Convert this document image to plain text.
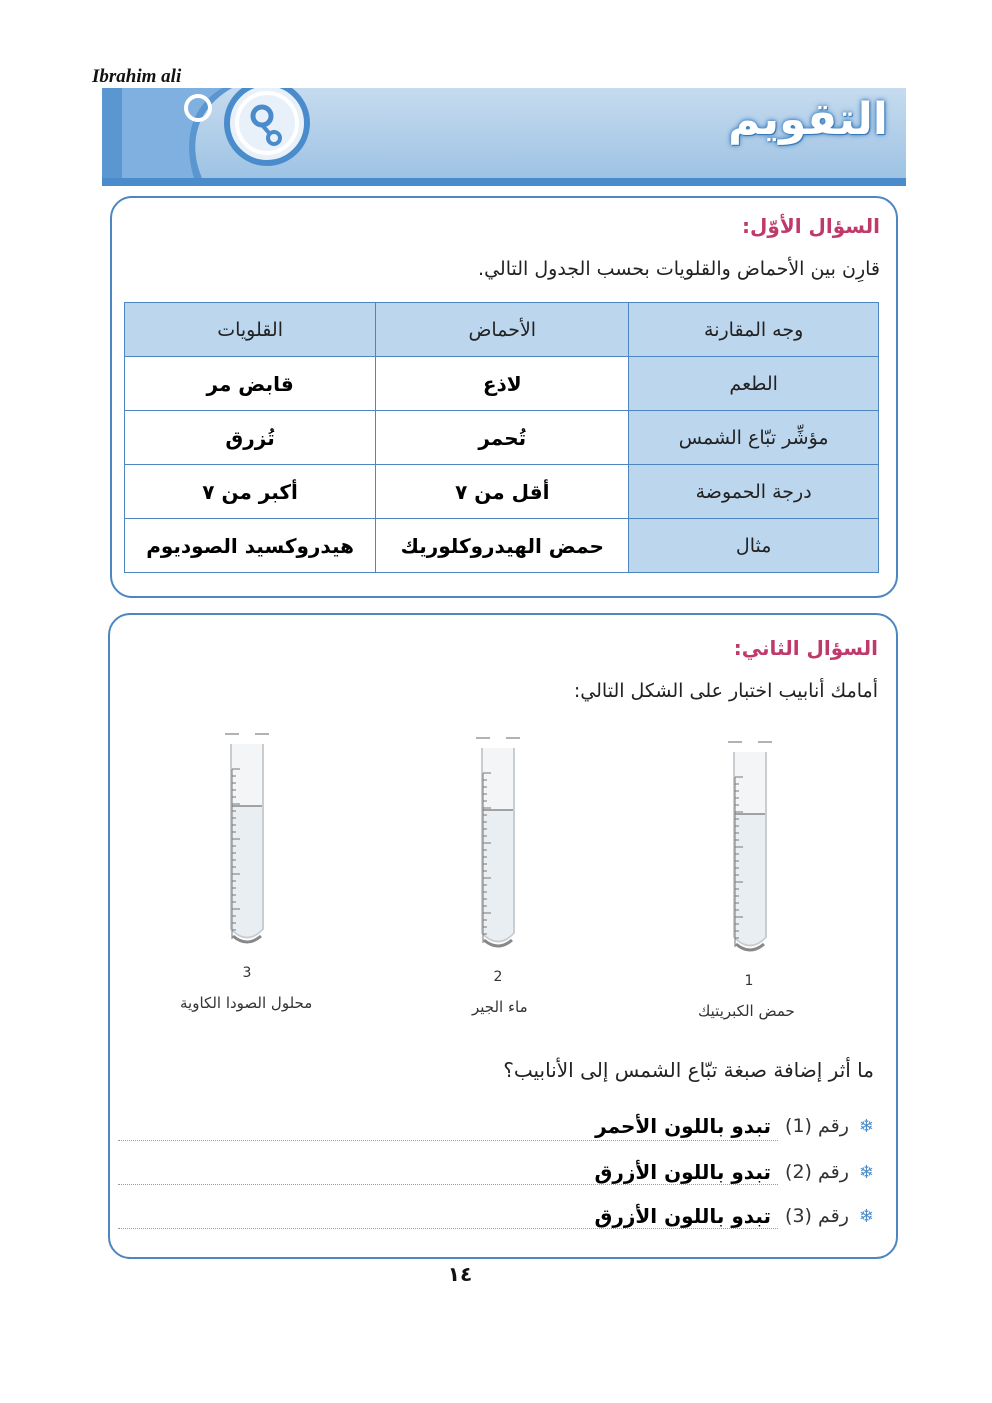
Ibrahim ali
التقويم
السؤال الأوّل:
قارِن بين الأحماض والقلويات بحسب الجدول التالي.
وجه المقارنة	الأحماض	القلويات
الطعم	لاذع	قابض مر
مؤشِّر تبّاع الشمس	تُحمر	تُزرق
درجة الحموضة	أقل من ٧	أكبر من ٧
مثال	حمض الهيدروكلوريك	هيدروكسيد الصوديوم
السؤال الثاني:
أمامك أنابيب اختبار على الشكل التالي:
1
حمض الكبريتيك
2
ماء الجير
3
محلول الصودا الكاوية
ما أثر إضافة صبغة تبّاع الشمس إلى الأنابيب؟
❄
رقم (1)
تبدو باللون الأحمر
❄
رقم (2)
تبدو باللون الأزرق
❄
رقم (3)
تبدو باللون الأزرق
١٤
